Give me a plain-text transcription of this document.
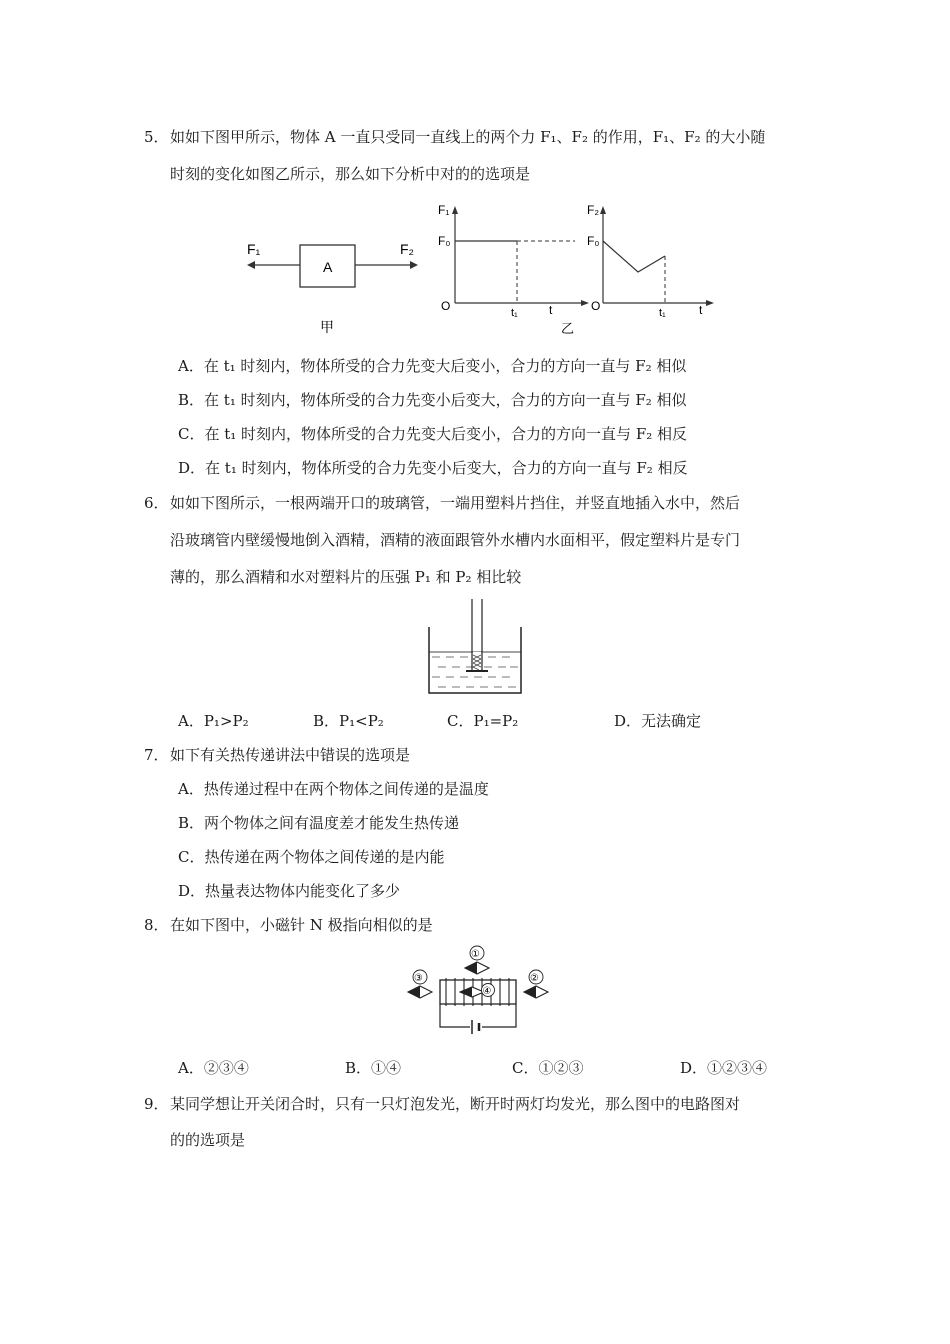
5． 如如下图甲所示，物体 A 一直只受同一直线上的两个力 F₁、F₂ 的作用，F₁、F₂ 的大小随
时刻的变化如图乙所示，那么如下分析中对的的选项是
A
F₁	F₂
甲
F₁
F₀
O	t₁	t
乙
F₂
F₀
O	t₁	t
A．在 t₁ 时刻内，物体所受的合力先变大后变小，合力的方向一直与 F₂ 相似
B．在 t₁ 时刻内，物体所受的合力先变小后变大，合力的方向一直与 F₂ 相似
C．在 t₁ 时刻内，物体所受的合力先变大后变小，合力的方向一直与 F₂ 相反
D．在 t₁ 时刻内，物体所受的合力先变小后变大，合力的方向一直与 F₂ 相反
6． 如如下图所示，一根两端开口的玻璃管，一端用塑料片挡住，并竖直地插入水中，然后
沿玻璃管内壁缓慢地倒入酒精，酒精的液面跟管外水槽内水面相平，假定塑料片是专门
薄的，那么酒精和水对塑料片的压强 P₁ 和 P₂ 相比较
A．P₁>P₂	B．P₁<P₂	C．P₁=P₂	D．无法确定
7． 如下有关热传递讲法中错误的选项是
A．热传递过程中在两个物体之间传递的是温度
B．两个物体之间有温度差才能发生热传递
C．热传递在两个物体之间传递的是内能
D．热量表达物体内能变化了多少
8． 在如下图中，小磁针 N 极指向相似的是
①
②
③
④
A．②③④	B．①④	C．①②③	D．①②③④
9． 某同学想让开关闭合时，只有一只灯泡发光，断开时两灯均发光，那么图中的电路图对
的的选项是
